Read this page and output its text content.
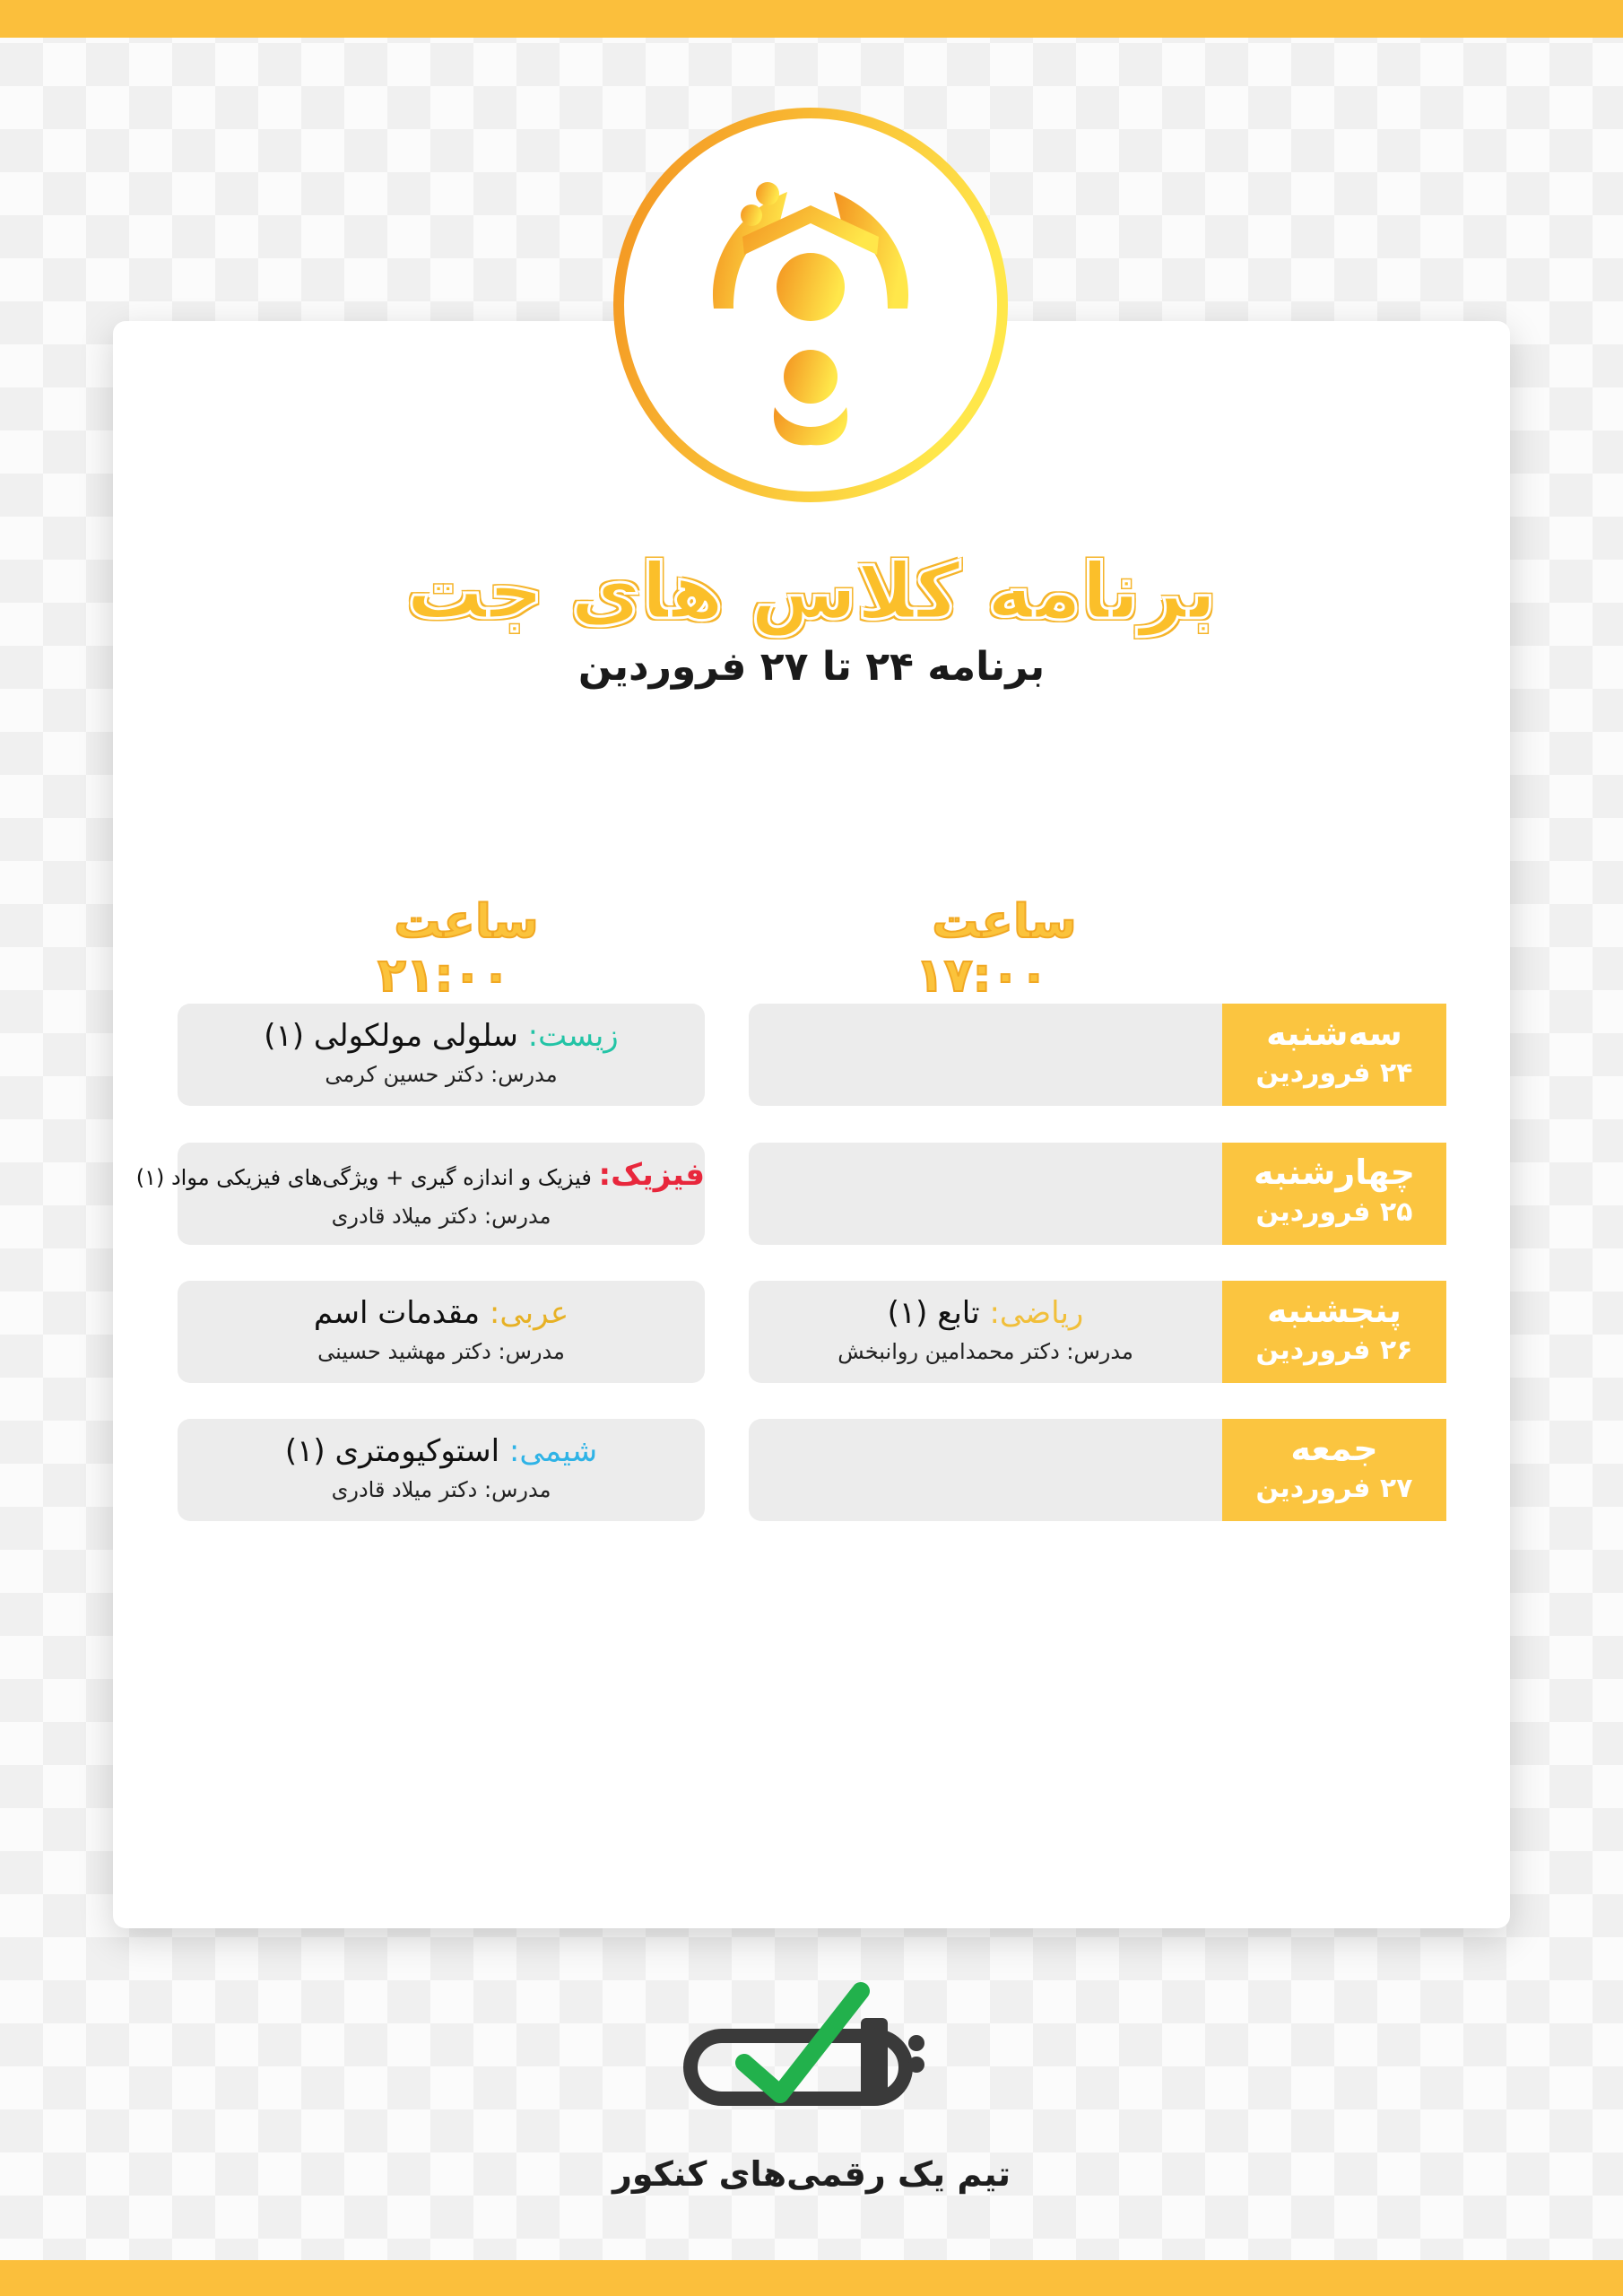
برنامه کلاس های جت
برنامه ۲۴ تا ۲۷ فروردین
ساعت۲۱:۰۰
ساعت۱۷:۰۰
سه‌شنبه
۲۴ فروردین
زیست: سلولی مولکولی (۱)
مدرس: دکتر حسین کرمی
چهارشنبه
۲۵ فروردین
فیزیک: فیزیک و اندازه گیری + ویژگی‌های فیزیکی مواد (۱)
مدرس: دکتر میلاد قادری
ریاضی: تابع (۱)
مدرس: دکتر محمدامین روانبخش
پنجشنبه
۲۶ فروردین
عربی: مقدمات اسم
مدرس: دکتر مهشید حسینی
جمعه
۲۷ فروردین
شیمی: استوکیومتری (۱)
مدرس: دکتر میلاد قادری
تیم یک رقمی‌های کنکور
